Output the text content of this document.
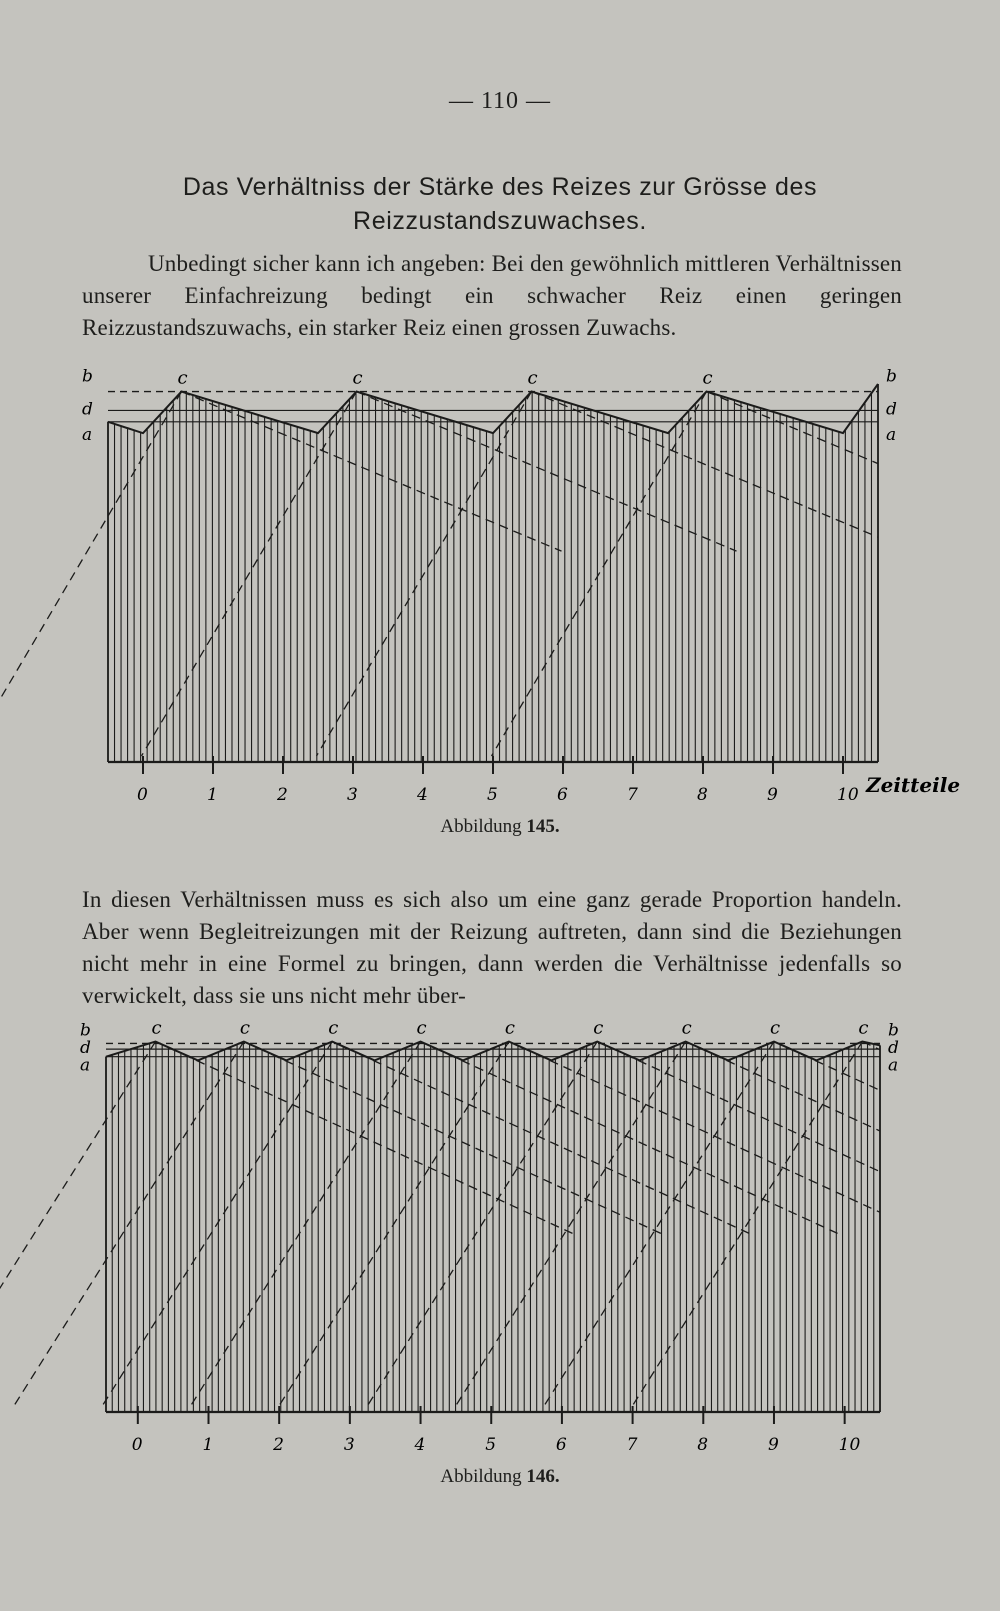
— 110 —
Das Verhältniss der Stärke des Reizes zur Grösse des Reizzustandszuwachses.
Unbedingt sicher kann ich angeben: Bei den gewöhnlich mittleren Verhältnissen unserer Einfachreizung bedingt ein schwacher Reiz einen geringen Reizzustandszuwachs, ein starker Reiz einen grossen Zuwachs.
c	c	c	c
b
d
a
b
d
a
0	1	2	3	4	5	6	7	8	9	10 Zeitteile
Abbildung 145.
In diesen Verhältnissen muss es sich also um eine ganz gerade Proportion handeln. Aber wenn Begleitreizungen mit der Reizung auftreten, dann sind die Beziehungen nicht mehr in eine Formel zu bringen, dann werden die Verhältnisse jedenfalls so verwickelt, dass sie uns nicht mehr über-
c	c	c	c	c	c	c	c	c
b
d
a
b
d
a
0	1	2	3	4	5	6	7	8	9	10
Abbildung 146.
